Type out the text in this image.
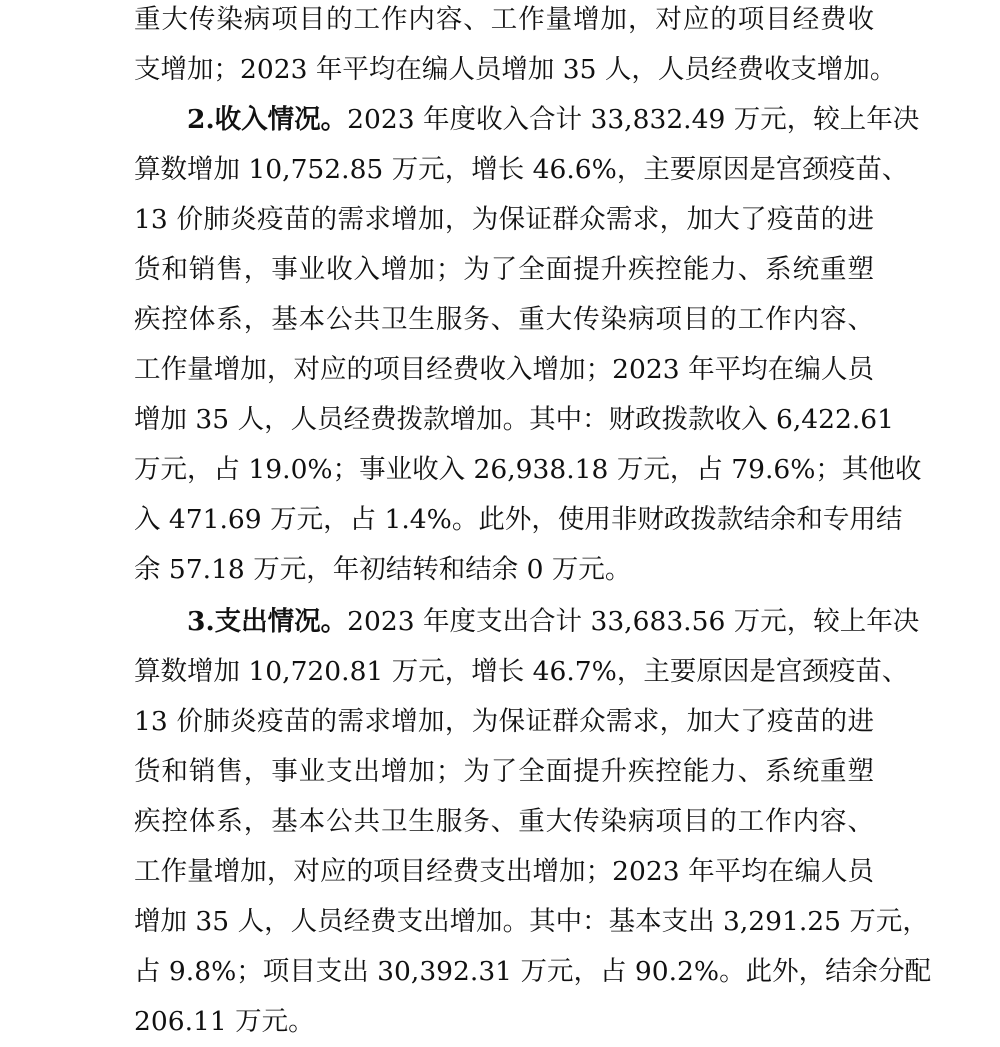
重大传染病项目的工作内容、工作量增加，对应的项目经费收
支增加；2023 年平均在编人员增加 35 人，人员经费收支增加。
2.收入情况。2023 年度收入合计 33,832.49 万元，较上年决
算数增加 10,752.85 万元，增长 46.6%，主要原因是宫颈疫苗、
13 价肺炎疫苗的需求增加，为保证群众需求，加大了疫苗的进
货和销售，事业收入增加；为了全面提升疾控能力、系统重塑
疾控体系，基本公共卫生服务、重大传染病项目的工作内容、
工作量增加，对应的项目经费收入增加；2023 年平均在编人员
增加 35 人，人员经费拨款增加。其中：财政拨款收入 6,422.61
万元，占 19.0%；事业收入 26,938.18 万元，占 79.6%；其他收
入 471.69 万元，占 1.4%。此外，使用非财政拨款结余和专用结
余 57.18 万元，年初结转和结余 0 万元。
3.支出情况。2023 年度支出合计 33,683.56 万元，较上年决
算数增加 10,720.81 万元，增长 46.7%，主要原因是宫颈疫苗、
13 价肺炎疫苗的需求增加，为保证群众需求，加大了疫苗的进
货和销售，事业支出增加；为了全面提升疾控能力、系统重塑
疾控体系，基本公共卫生服务、重大传染病项目的工作内容、
工作量增加，对应的项目经费支出增加；2023 年平均在编人员
增加 35 人，人员经费支出增加。其中：基本支出 3,291.25 万元，
占 9.8%；项目支出 30,392.31 万元，占 90.2%。此外，结余分配
206.11 万元。
